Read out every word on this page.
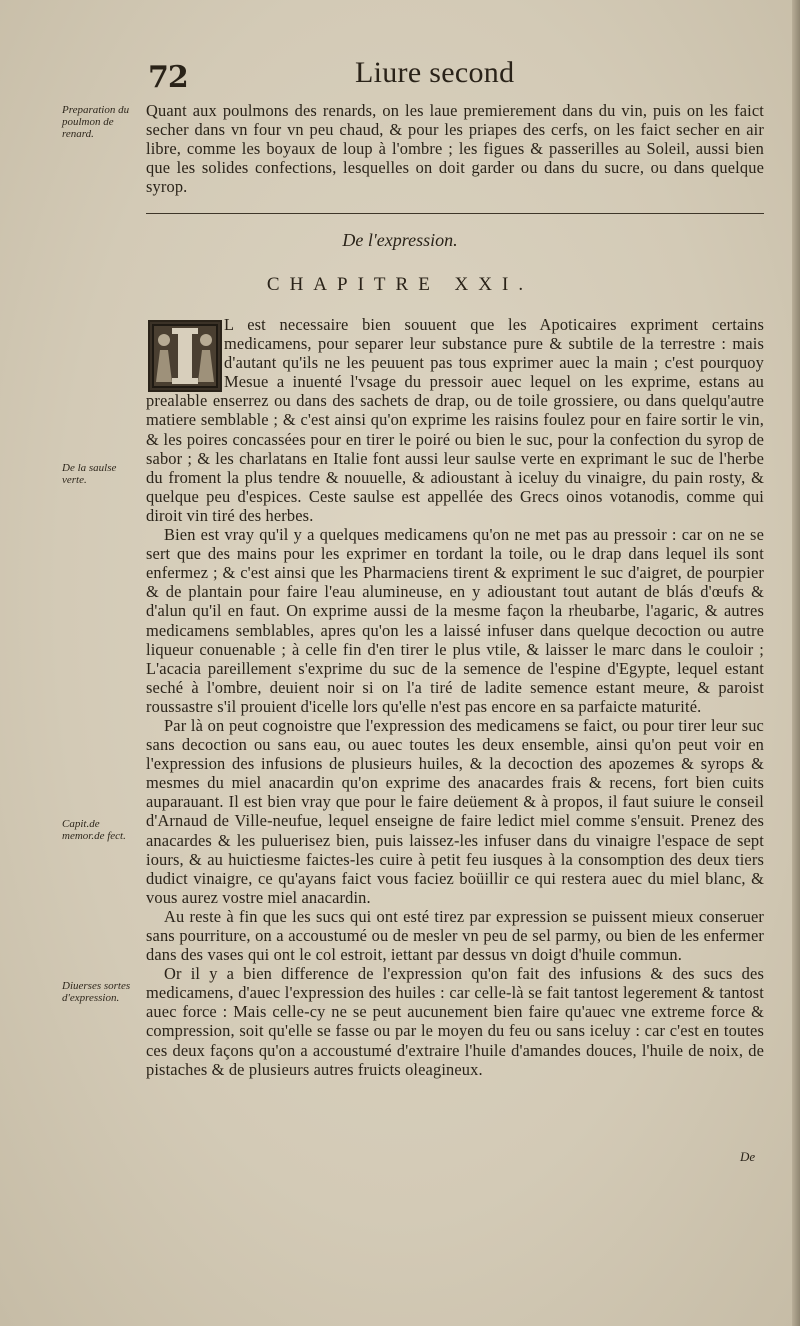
72	Liure second
Preparation du poulmon de renard.

Quant aux poulmons des renards, on les laue premierement dans du vin, puis on les faict secher dans vn four vn peu chaud, & pour les priapes des cerfs, on les faict secher en air libre, comme les boyaux de loup à l'ombre ; les figues & passerilles au Soleil, aussi bien que les solides confections, lesquelles on doit garder ou dans du sucre, ou dans quelque syrop.

De l'expression.
CHAPITRE XXI.
De la saulse verte.
Capit.de memor.de fect.
Diuerses sortes d'expression.

L est necessaire bien souuent que les Apoticaires expriment certains medicamens, pour separer leur substance pure & subtile de la terrestre : mais d'autant qu'ils ne les peuuent pas tous exprimer auec la main ; c'est pourquoy Mesue a inuenté l'vsage du pressoir auec lequel on les exprime, estans au prealable enserrez ou dans des sachets de drap, ou de toile grossiere, ou dans quelqu'autre matiere semblable ; & c'est ainsi qu'on exprime les raisins foulez pour en faire sortir le vin, & les poires concassées pour en tirer le poiré ou bien le suc, pour la confection du syrop de sabor ; & les charlatans en Italie font aussi leur saulse verte en exprimant le suc de l'herbe du froment la plus tendre & nouuelle, & adioustant à iceluy du vinaigre, du pain rosty, & quelque peu d'espices. Ceste saulse est appellée des Grecs oinos votanodis, comme qui diroit vin tiré des herbes.

Bien est vray qu'il y a quelques medicamens qu'on ne met pas au pressoir : car on ne se sert que des mains pour les exprimer en tordant la toile, ou le drap dans lequel ils sont enfermez ; & c'est ainsi que les Pharmaciens tirent & expriment le suc d'aigret, de pourpier & de plantain pour faire l'eau alumineuse, en y adioustant tout autant de blás d'œufs & d'alun qu'il en faut. On exprime aussi de la mesme façon la rheubarbe, l'agaric, & autres medicamens semblables, apres qu'on les a laissé infuser dans quelque decoction ou autre liqueur conuenable ; à celle fin d'en tirer le plus vtile, & laisser le marc dans le couloir ; L'acacia pareillement s'exprime du suc de la semence de l'espine d'Egypte, lequel estant seché à l'ombre, deuient noir si on l'a tiré de ladite semence estant meure, & paroist roussastre s'il prouient d'icelle lors qu'elle n'est pas encore en sa parfaicte maturité.

Par là on peut cognoistre que l'expression des medicamens se faict, ou pour tirer leur suc sans decoction ou sans eau, ou auec toutes les deux ensemble, ainsi qu'on peut voir en l'expression des infusions de plusieurs huiles, & la decoction des apozemes & syrops & mesmes du miel anacardin qu'on exprime des anacardes frais & recens, fort bien cuits auparauant. Il est bien vray que pour le faire deüement & à propos, il faut suiure le conseil d'Arnaud de Ville-neufue, lequel enseigne de faire ledict miel comme s'ensuit. Prenez des anacardes & les puluerisez bien, puis laissez-les infuser dans du vinaigre l'espace de sept iours, & au huictiesme faictes-les cuire à petit feu iusques à la consomption des deux tiers dudict vinaigre, ce qu'ayans faict vous faciez boüillir ce qui restera auec du miel blanc, & vous aurez vostre miel anacardin.

Au reste à fin que les sucs qui ont esté tirez par expression se puissent mieux conseruer sans pourriture, on a accoustumé ou de mesler vn peu de sel parmy, ou bien de les enfermer dans des vases qui ont le col estroit, iettant par dessus vn doigt d'huile commun.

Or il y a bien difference de l'expression qu'on fait des infusions & des sucs des medicamens, d'auec l'expression des huiles : car celle-là se fait tantost legerement & tantost auec force : Mais celle-cy ne se peut aucunement bien faire qu'auec vne extreme force & compression, soit qu'elle se fasse ou par le moyen du feu ou sans iceluy : car c'est en toutes ces deux façons qu'on a accoustumé d'extraire l'huile d'amandes douces, l'huile de noix, de pistaches & de plusieurs autres fruicts oleagineux.

De
